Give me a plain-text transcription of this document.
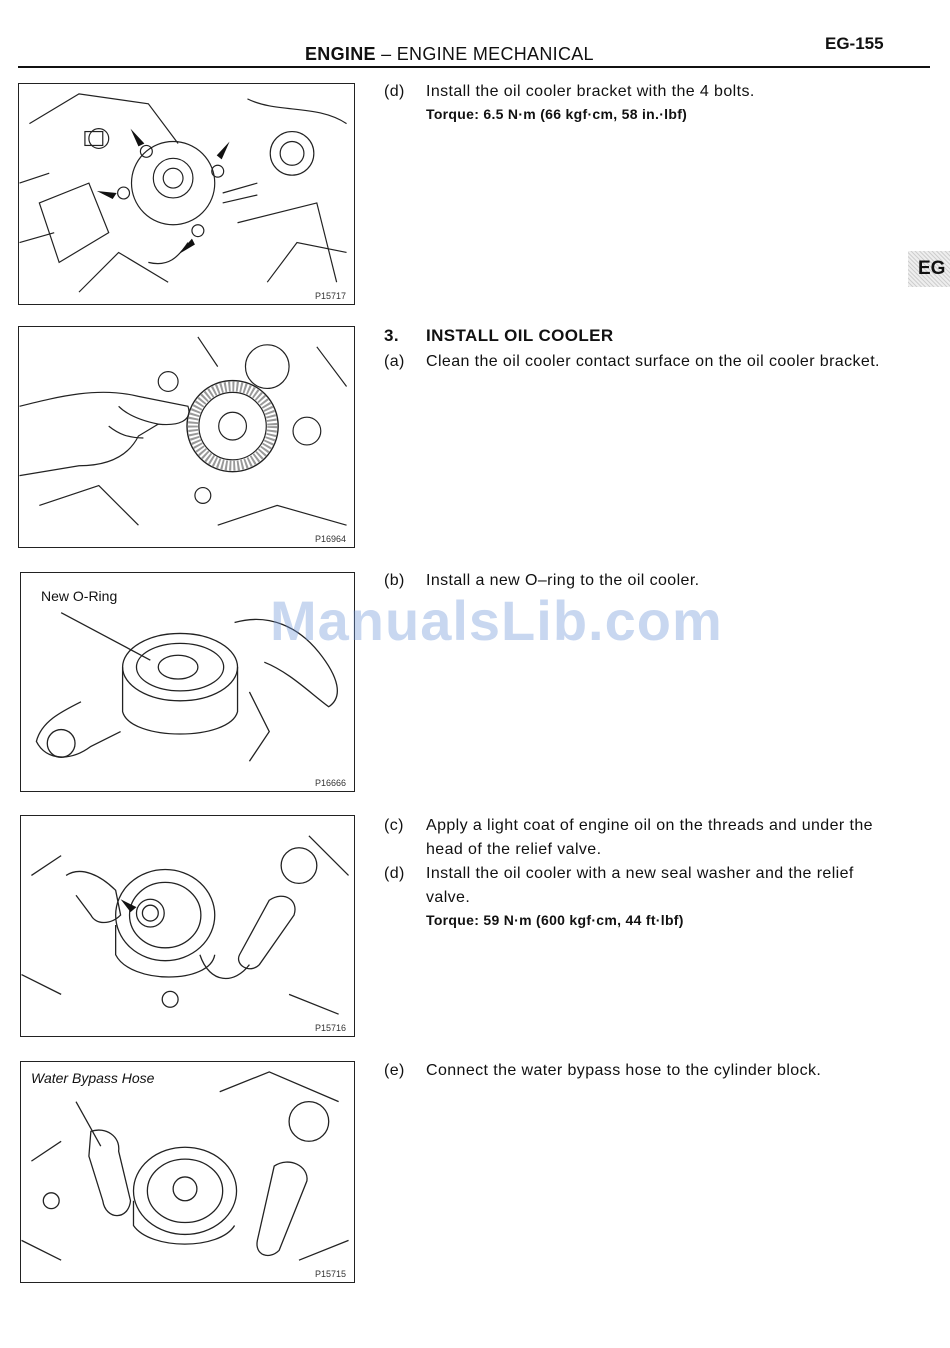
ENGINE – ENGINE MECHANICAL
EG-155
EG
P15717
P16964
New O-Ring
P16666
P15716
Water Bypass Hose
P15715
(d) Install the oil cooler bracket with the 4 bolts.
Torque: 6.5 N·m (66 kgf·cm, 58 in.·lbf)
3. INSTALL OIL COOLER
(a) Clean the oil cooler contact surface on the oil cooler bracket.
(b) Install a new O–ring to the oil cooler.
(c) Apply a light coat of engine oil on the threads and under the head of the relief valve.
(d) Install the oil cooler with a new seal washer and the relief valve.
Torque: 59 N·m (600 kgf·cm, 44 ft·lbf)
(e) Connect the water bypass hose to the cylinder block.
ManualsLib.com
